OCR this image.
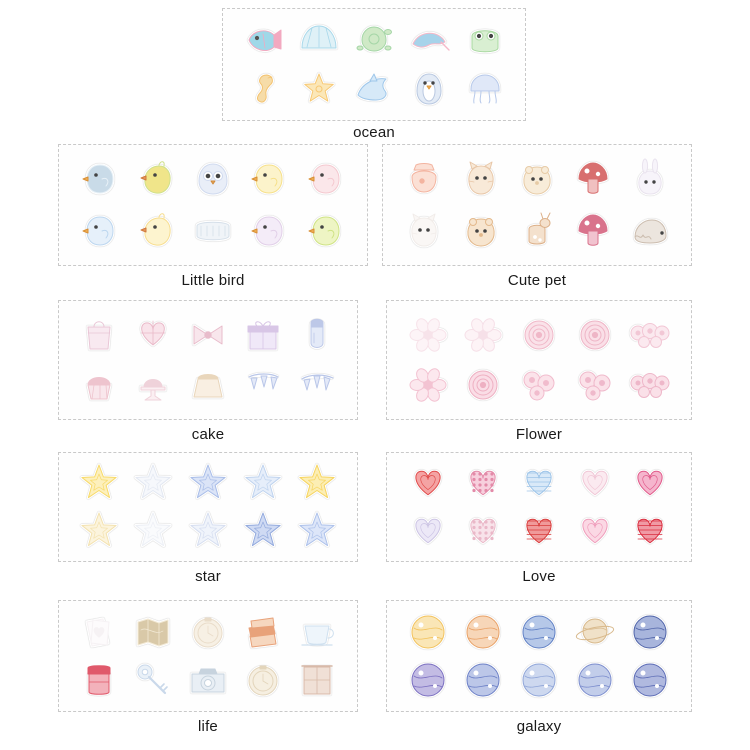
ocean
Little bird	Cute pet
cake	Flower
star	Love
life	galaxy
